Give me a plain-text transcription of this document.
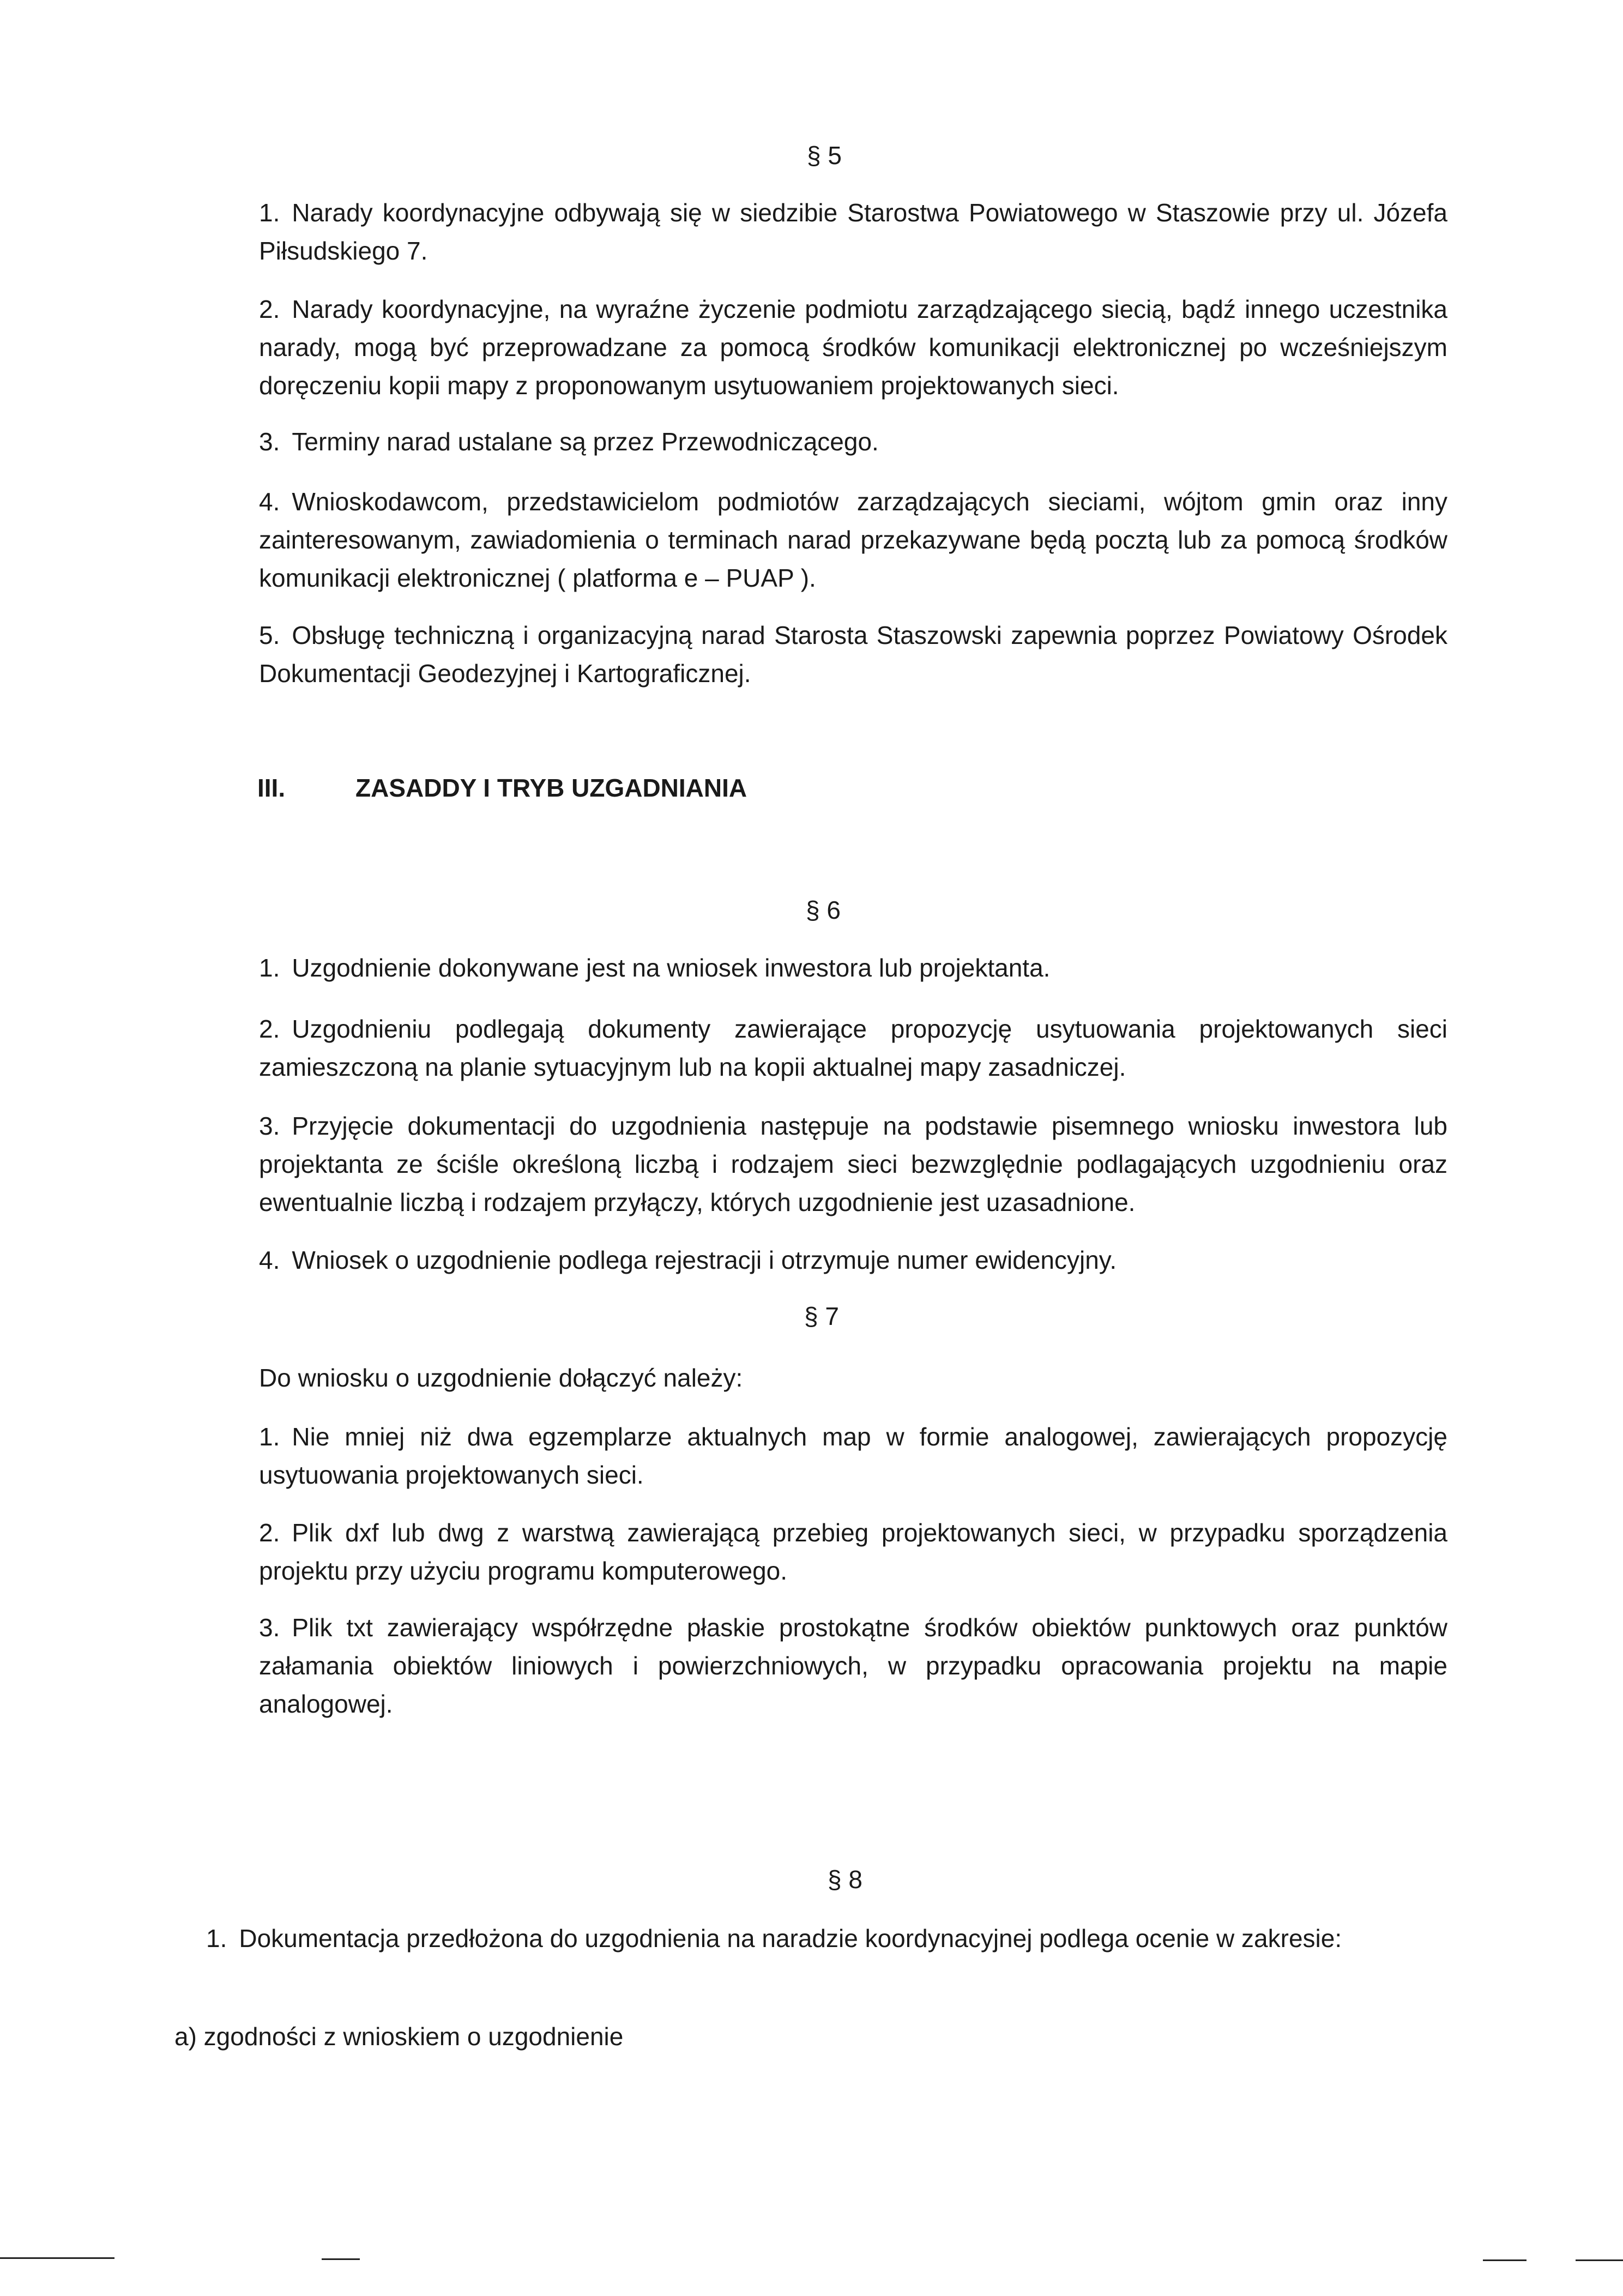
§ 5

1. Narady koordynacyjne odbywają się w siedzibie Starostwa Powiatowego w Staszowie przy ul. Józefa Piłsudskiego 7.

2. Narady koordynacyjne, na wyraźne życzenie podmiotu zarządzającego siecią, bądź innego uczestnika narady, mogą być przeprowadzane za pomocą środków komunikacji elektronicznej po wcześniejszym doręczeniu kopii mapy z proponowanym usytuowaniem projektowanych sieci.

3. Terminy narad ustalane są przez Przewodniczącego.

4. Wnioskodawcom, przedstawicielom podmiotów zarządzających sieciami, wójtom gmin oraz inny zainteresowanym, zawiadomienia o terminach narad przekazywane będą pocztą lub za pomocą środków komunikacji elektronicznej ( platforma e – PUAP ).

5. Obsługę techniczną i organizacyjną narad Starosta Staszowski zapewnia poprzez Powiatowy Ośrodek Dokumentacji Geodezyjnej i Kartograficznej.

III.	ZASADDY I TRYB UZGADNIANIA
§ 6

1. Uzgodnienie dokonywane jest na wniosek inwestora lub projektanta.

2. Uzgodnieniu podlegają dokumenty zawierające propozycję usytuowania projektowanych sieci zamieszczoną na planie sytuacyjnym lub na kopii aktualnej mapy zasadniczej.

3. Przyjęcie dokumentacji do uzgodnienia następuje na podstawie pisemnego wniosku inwestora lub projektanta ze ściśle określoną liczbą i rodzajem sieci bezwzględnie podlagających uzgodnieniu oraz ewentualnie liczbą i rodzajem przyłączy, których uzgodnienie jest uzasadnione.

4. Wniosek o uzgodnienie podlega rejestracji i otrzymuje numer ewidencyjny.

§ 7

Do wniosku o uzgodnienie dołączyć należy:

1. Nie mniej niż dwa egzemplarze aktualnych map w formie analogowej, zawierających propozycję usytuowania projektowanych sieci.

2. Plik dxf lub dwg z warstwą zawierającą przebieg projektowanych sieci, w przypadku sporządzenia projektu przy użyciu programu komputerowego.

3. Plik txt zawierający współrzędne płaskie prostokątne środków obiektów punktowych oraz punktów załamania obiektów liniowych i powierzchniowych, w przypadku opracowania projektu na mapie analogowej.

§ 8

1. Dokumentacja przedłożona do uzgodnienia na naradzie koordynacyjnej podlega ocenie w zakresie:

a) zgodności z wnioskiem o uzgodnienie
